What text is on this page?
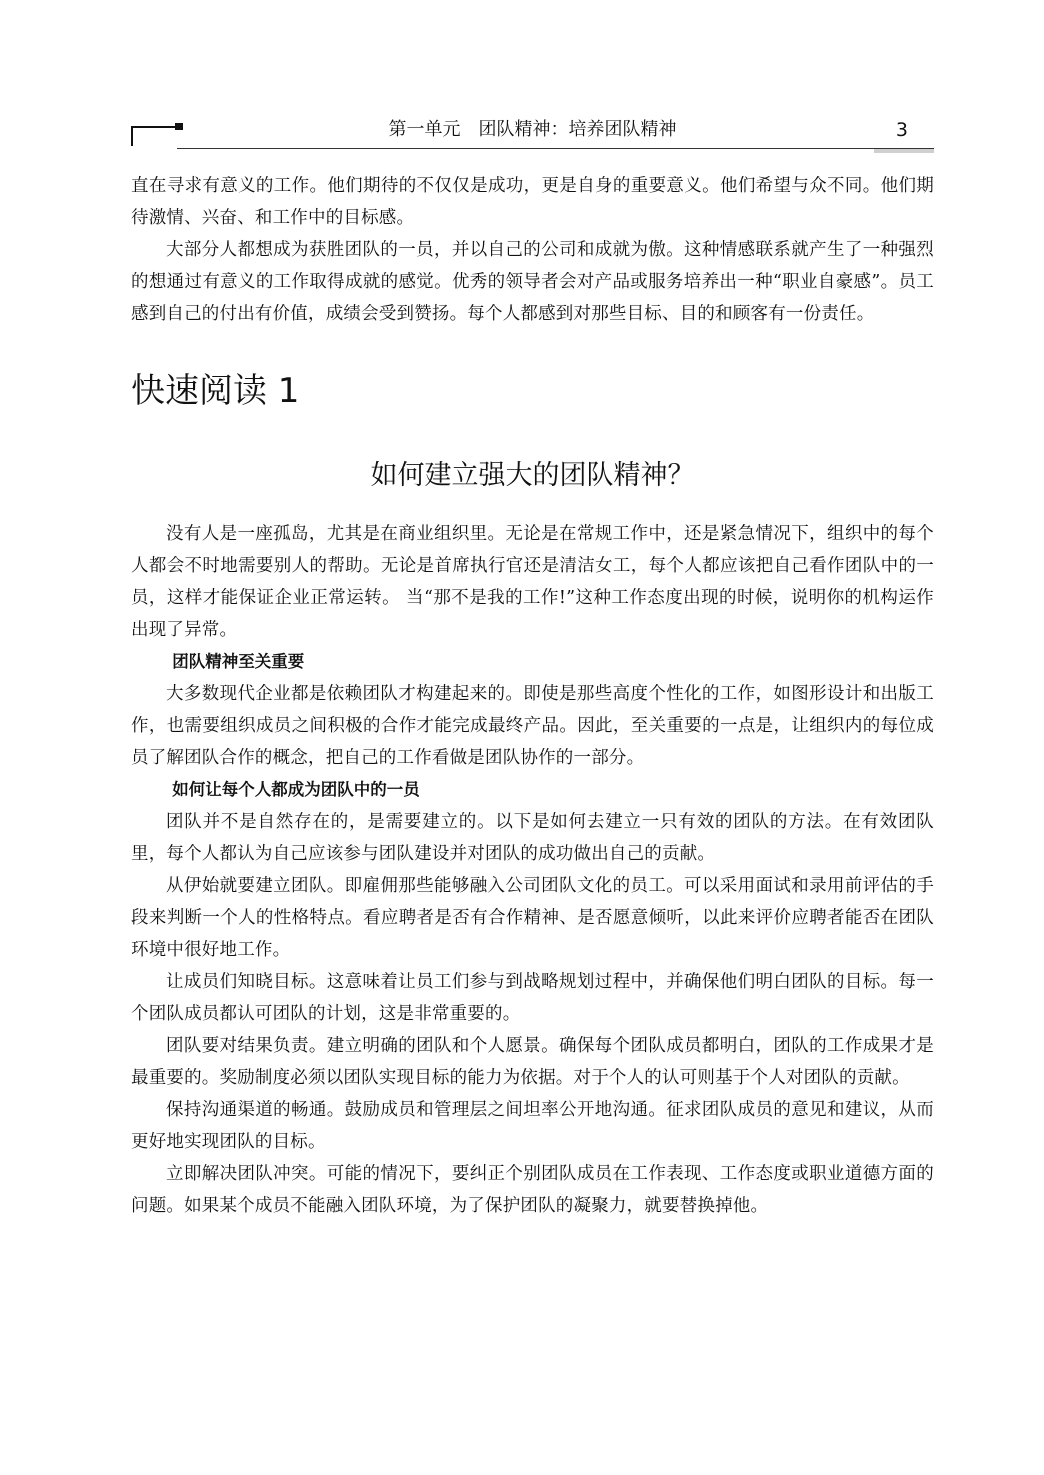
第一单元　团队精神：培养团队精神	3

直在寻求有意义的工作。他们期待的不仅仅是成功，更是自身的重要意义。他们希望与众不同。他们期待激情、兴奋、和工作中的目标感。

大部分人都想成为获胜团队的一员，并以自己的公司和成就为傲。这种情感联系就产生了一种强烈的想通过有意义的工作取得成就的感觉。优秀的领导者会对产品或服务培养出一种“职业自豪感”。员工感到自己的付出有价值，成绩会受到赞扬。每个人都感到对那些目标、目的和顾客有一份责任。

快速阅读 1
如何建立强大的团队精神？

没有人是一座孤岛，尤其是在商业组织里。无论是在常规工作中，还是紧急情况下，组织中的每个人都会不时地需要别人的帮助。无论是首席执行官还是清洁女工，每个人都应该把自己看作团队中的一员，这样才能保证企业正常运转。 当“那不是我的工作!”这种工作态度出现的时候，说明你的机构运作出现了异常。

团队精神至关重要

大多数现代企业都是依赖团队才构建起来的。即使是那些高度个性化的工作，如图形设计和出版工作，也需要组织成员之间积极的合作才能完成最终产品。因此，至关重要的一点是，让组织内的每位成员了解团队合作的概念，把自己的工作看做是团队协作的一部分。

如何让每个人都成为团队中的一员

团队并不是自然存在的，是需要建立的。以下是如何去建立一只有效的团队的方法。在有效团队里，每个人都认为自己应该参与团队建设并对团队的成功做出自己的贡献。

从伊始就要建立团队。即雇佣那些能够融入公司团队文化的员工。可以采用面试和录用前评估的手段来判断一个人的性格特点。看应聘者是否有合作精神、是否愿意倾听，以此来评价应聘者能否在团队环境中很好地工作。

让成员们知晓目标。这意味着让员工们参与到战略规划过程中，并确保他们明白团队的目标。每一个团队成员都认可团队的计划，这是非常重要的。

团队要对结果负责。建立明确的团队和个人愿景。确保每个团队成员都明白，团队的工作成果才是最重要的。奖励制度必须以团队实现目标的能力为依据。对于个人的认可则基于个人对团队的贡献。

保持沟通渠道的畅通。鼓励成员和管理层之间坦率公开地沟通。征求团队成员的意见和建议，从而更好地实现团队的目标。

立即解决团队冲突。可能的情况下，要纠正个别团队成员在工作表现、工作态度或职业道德方面的问题。如果某个成员不能融入团队环境，为了保护团队的凝聚力，就要替换掉他。
